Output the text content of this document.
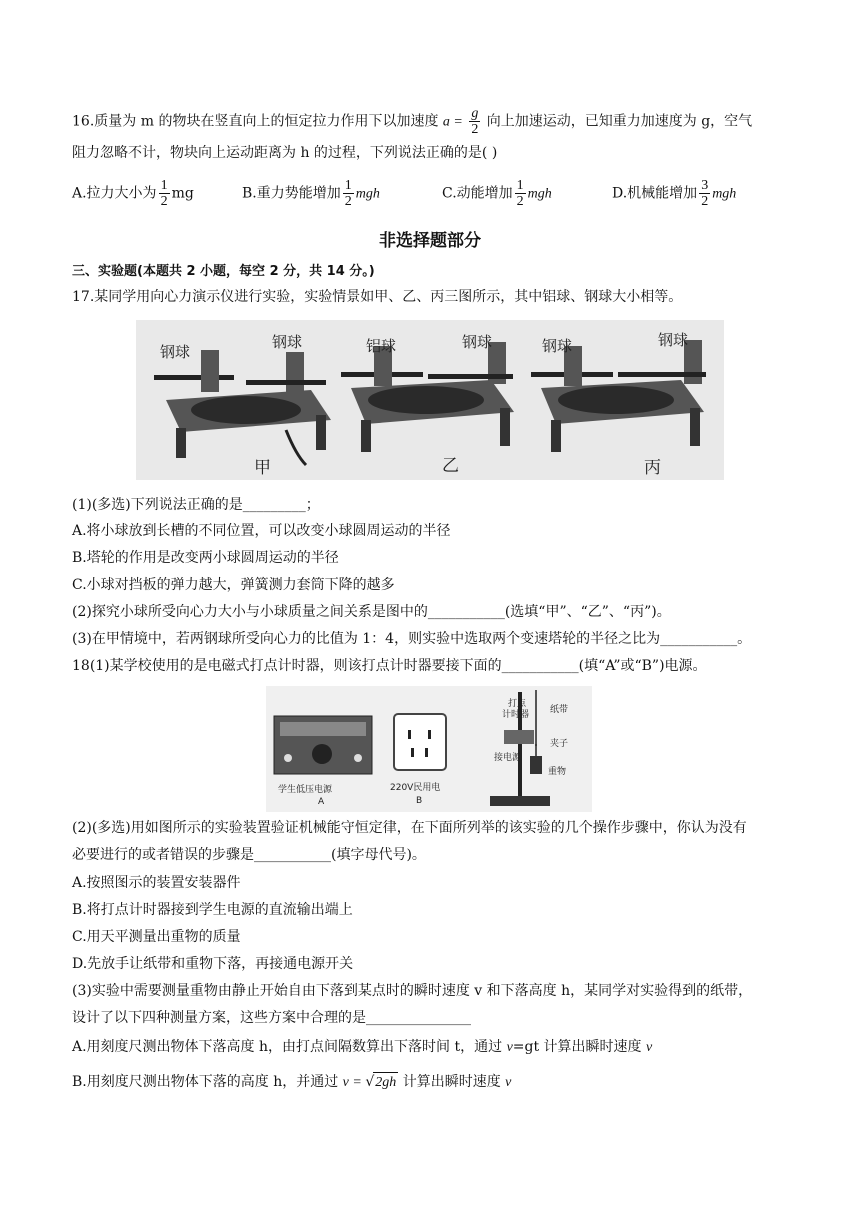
16.质量为 m 的物块在竖直向上的恒定拉力作用下以加速度 $a = \frac{g}{2}$ 向上加速运动，已知重力加速度为 g，空气
阻力忽略不计，物块向上运动距离为 h 的过程，下列说法正确的是( )
A.拉力大小为 $\frac{1}{2}$ mg	B.重力势能增加 $\frac{1}{2}$ mgh	C.动能增加 $\frac{1}{2}$ mgh	D.机械能增加 $\frac{3}{2}$ mgh
非选择题部分
三、实验题(本题共 2 小题，每空 2 分，共 14 分。)
17.某同学用向心力演示仪进行实验，实验情景如甲、乙、丙三图所示，其中铝球、钢球大小相等。
钢球
钢球	铝球	钢球	钢球	钢球
甲	乙	丙
(1)(多选)下列说法正确的是_________；
A.将小球放到长槽的不同位置，可以改变小球圆周运动的半径
B.塔轮的作用是改变两小球圆周运动的半径
C.小球对挡板的弹力越大，弹簧测力套筒下降的越多
(2)探究小球所受向心力大小与小球质量之间关系是图中的___________(选填“甲”、“乙”、“丙”)。
(3)在甲情境中，若两钢球所受向心力的比值为 1：4，则实验中选取两个变速塔轮的半径之比为___________。
18(1)某学校使用的是电磁式打点计时器，则该打点计时器要接下面的___________(填“A”或“B”)电源。
学生低压电源
A
220V民用电
B
打点
计时器 纸带
夹子
接电源
重物
(2)(多选)用如图所示的实验装置验证机械能守恒定律，在下面所列举的该实验的几个操作步骤中，你认为没有
必要进行的或者错误的步骤是___________(填字母代号)。
A.按照图示的装置安装器件
B.将打点计时器接到学生电源的直流输出端上
C.用天平测量出重物的质量
D.先放手让纸带和重物下落，再接通电源开关
(3)实验中需要测量重物由静止开始自由下落到某点时的瞬时速度 v 和下落高度 h，某同学对实验得到的纸带，
设计了以下四种测量方案，这些方案中合理的是_______________
A.用刻度尺测出物体下落高度 h，由打点间隔数算出下落时间 t，通过 v=gt 计算出瞬时速度 v
B.用刻度尺测出物体下落的高度 h，并通过 v = √2gh 计算出瞬时速度 v
